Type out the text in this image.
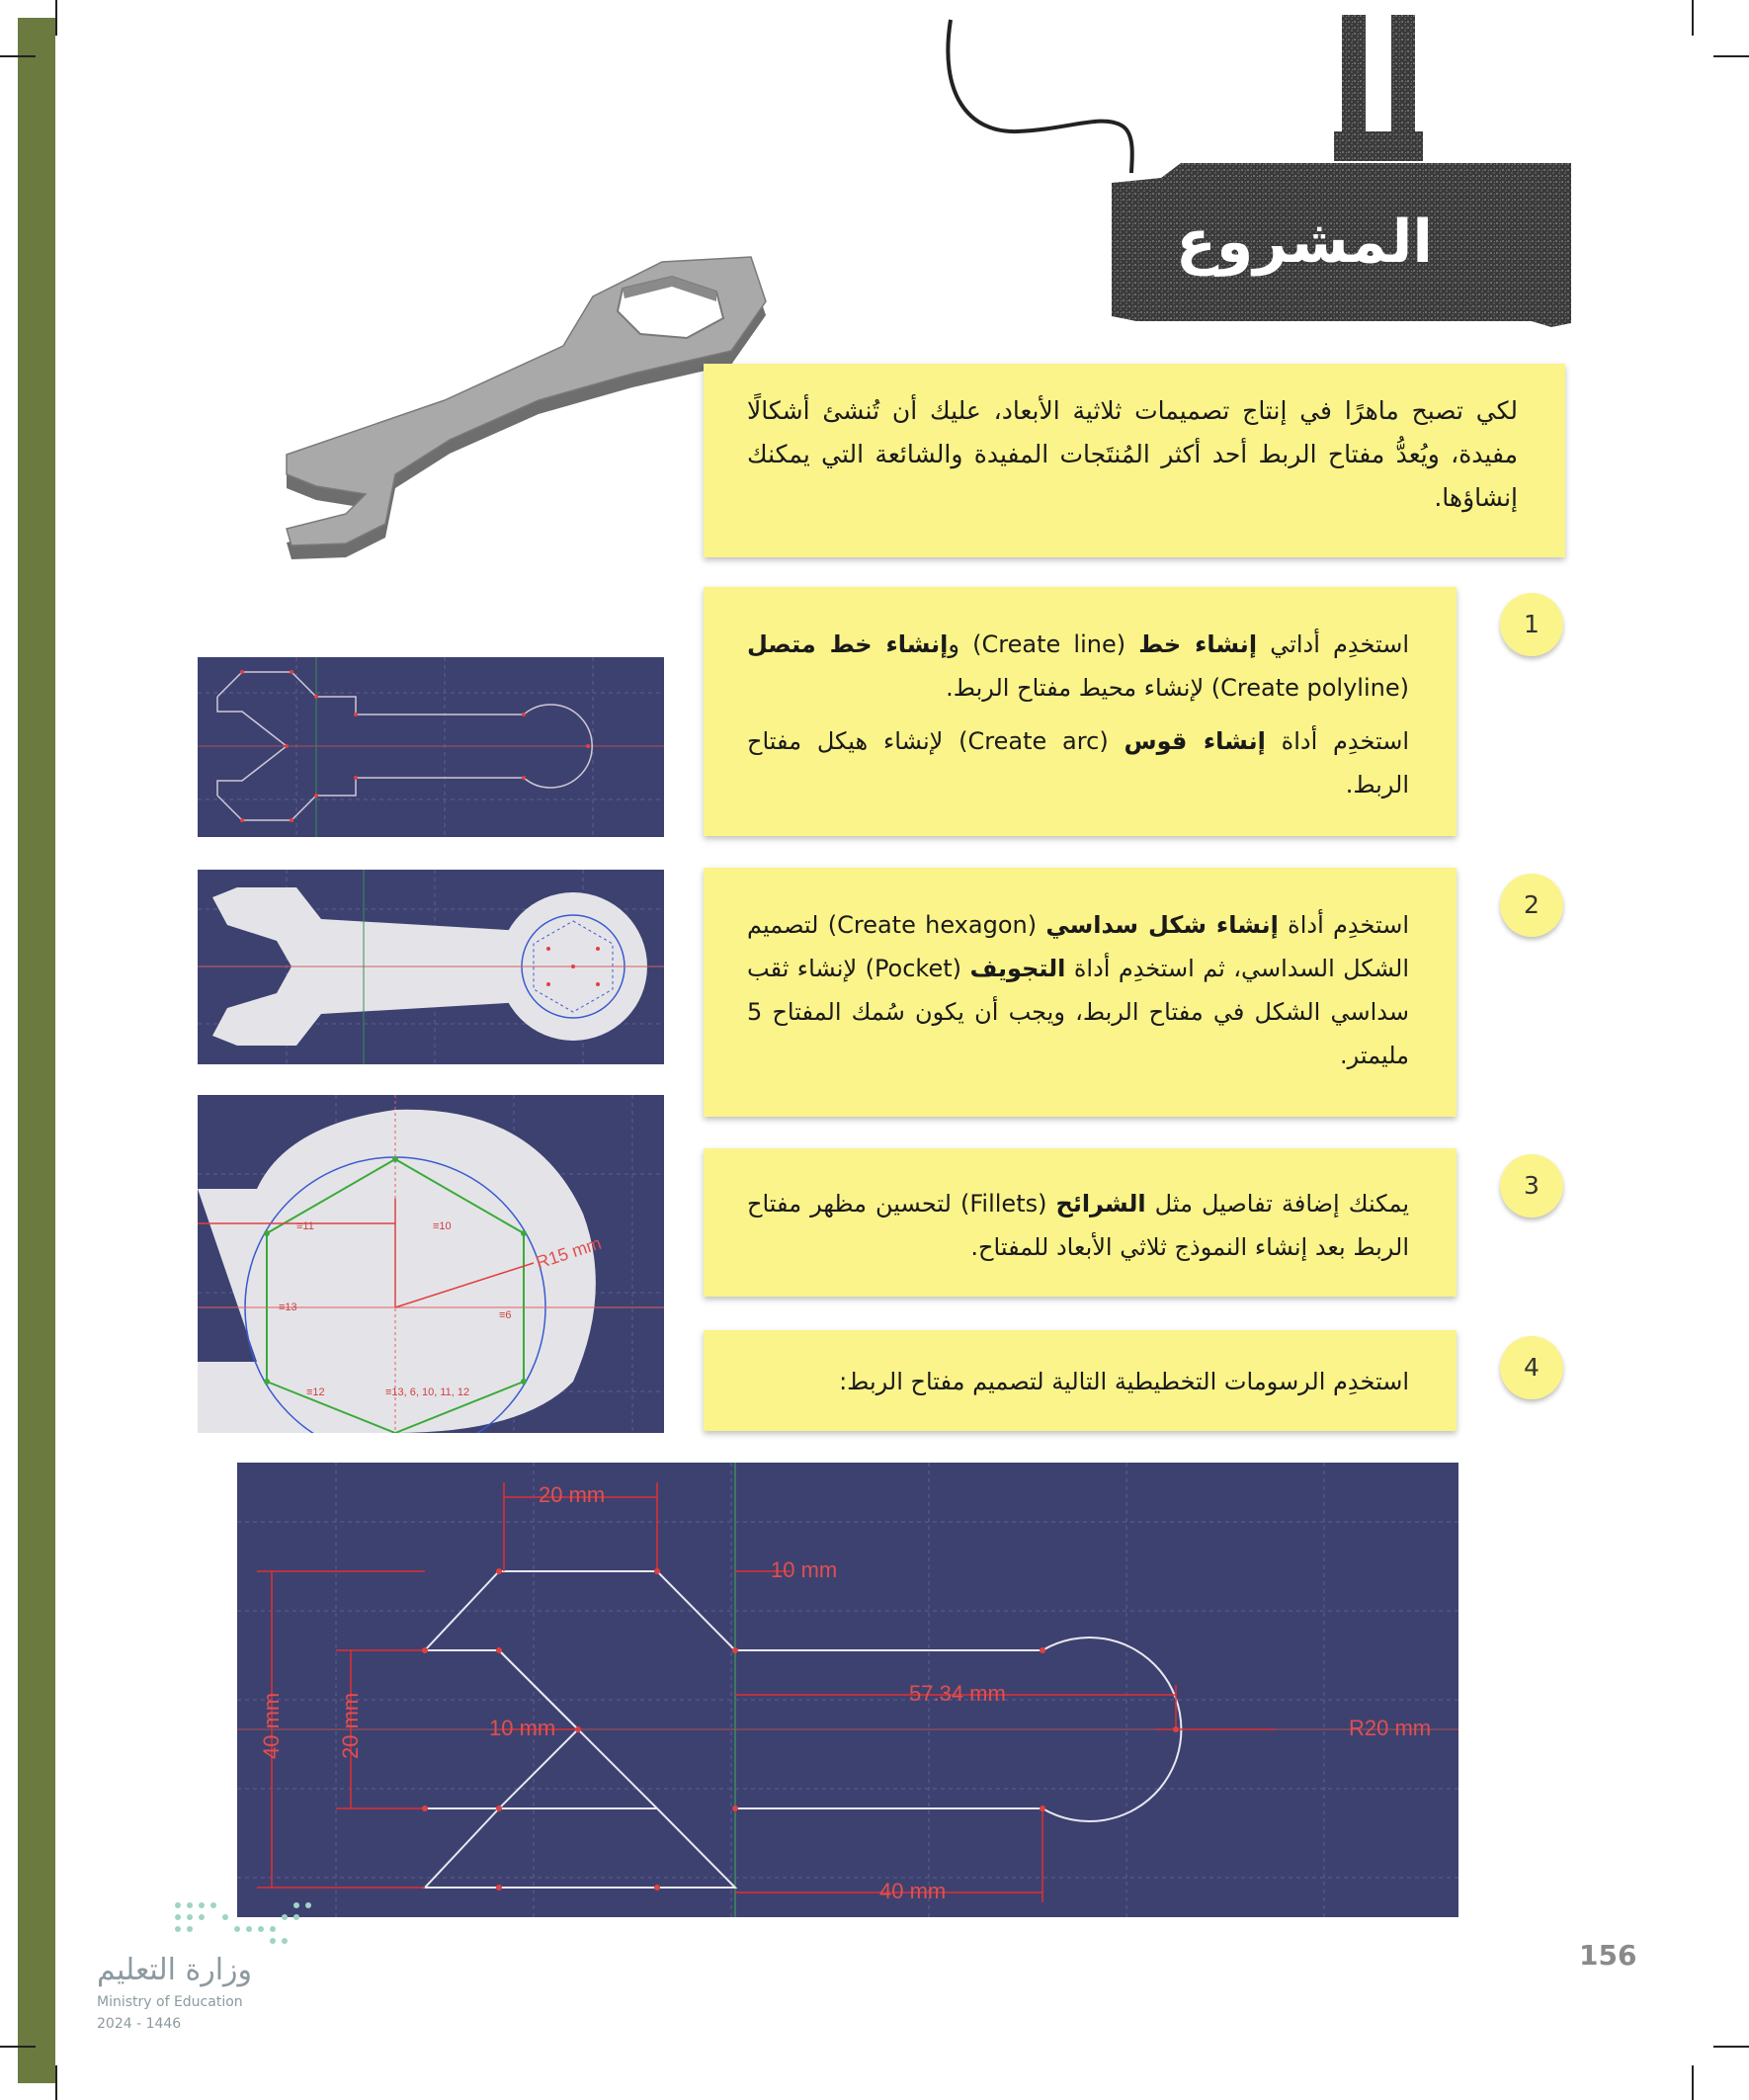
المشروع
لكي تصبح ماهرًا في إنتاج تصميمات ثلاثية الأبعاد، عليك أن تُنشئ أشكالًا مفيدة، ويُعدُّ مفتاح الربط أحد أكثر المُنتَجات المفيدة والشائعة التي يمكنك إنشاؤها.
1
استخدِم أداتي إنشاء خط (Create line) وإنشاء خط متصل (Create polyline) لإنشاء محيط مفتاح الربط.
استخدِم أداة إنشاء قوس (Create arc) لإنشاء هيكل مفتاح الربط.
2
استخدِم أداة إنشاء شكل سداسي (Create hexagon) لتصميم الشكل السداسي، ثم استخدِم أداة التجويف (Pocket) لإنشاء ثقب سداسي الشكل في مفتاح الربط، ويجب أن يكون سُمك المفتاح 5 مليمتر.
R15 mm
≡11	≡10
≡13
≡6
≡12	≡13, 6, 10, 11, 12
3
يمكنك إضافة تفاصيل مثل الشرائح (Fillets) لتحسين مظهر مفتاح الربط بعد إنشاء النموذج ثلاثي الأبعاد للمفتاح.
4
استخدِم الرسومات التخطيطية التالية لتصميم مفتاح الربط:
20 mm
10 mm
40 mm	20 mm	10 mm
57.34 mm
R20 mm
40 mm
وزارة التعليم
Ministry of Education
2024 - 1446
156
